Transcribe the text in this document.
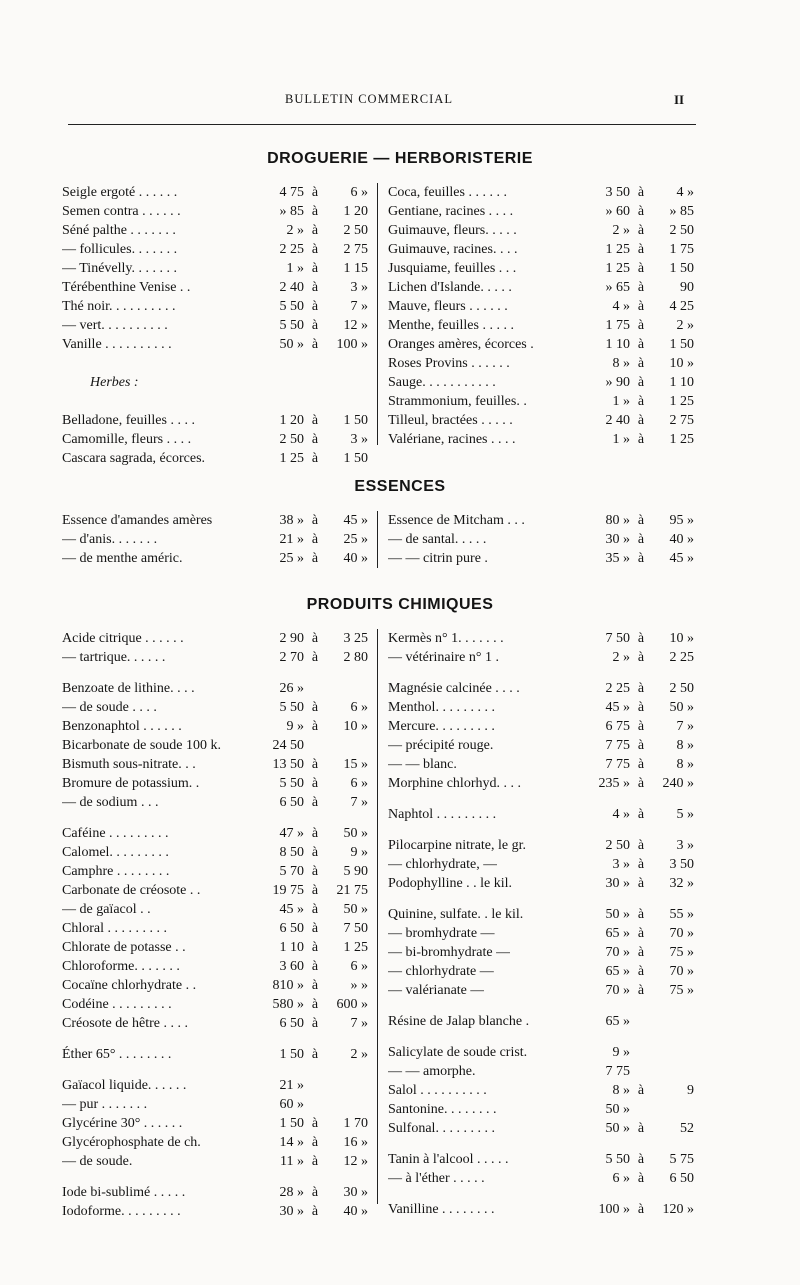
BULLETIN COMMERCIAL	II
DROGUERIE — HERBORISTERIE
Seigle ergoté . . . . . .	4 75 à 6 »
Semen contra . . . . . .	» 85 à 1 20
Séné palthe . . . . . . .	2 » à 2 50
— follicules. . . . . . .	2 25 à 2 75
— Tinévelly. . . . . . .	1 » à 1 15
Térébenthine Venise . .	2 40 à 3 »
Thé noir. . . . . . . . . .	5 50 à 7 »
— vert. . . . . . . . . .	5 50 à 12 »
Vanille . . . . . . . . . .	50 » à 100 »
Herbes :
Belladone, feuilles . . . .	1 20 à 1 50
Camomille, fleurs . . . .	2 50 à 3 »
Cascara sagrada, écorces.	1 25 à 1 50
Coca, feuilles . . . . . .	3 50 à 4 »
Gentiane, racines . . . .	» 60 à » 85
Guimauve, fleurs. . . . .	2 » à 2 50
Guimauve, racines. . . .	1 25 à 1 75
Jusquiame, feuilles . . .	1 25 à 1 50
Lichen d'Islande. . . . .	» 65 à	90
Mauve, fleurs . . . . . .	4 » à 4 25
Menthe, feuilles . . . . .	1 75 à 2 »
Oranges amères, écorces .	1 10 à 1 50
Roses Provins . . . . . .	8 » à 10 »
Sauge. . . . . . . . . . .	» 90 à 1 10
Strammonium, feuilles. .	1 » à 1 25
Tilleul, bractées . . . . .	2 40 à 2 75
Valériane, racines . . . .	1 » à 1 25
ESSENCES
Essence d'amandes amères	38 » à 45 »
— d'anis. . . . . . .	21 » à 25 »
— de menthe améric.	25 » à 40 »
Essence de Mitcham . . .	80 » à 95 »
— de santal. . . . .	30 » à 40 »
— — citrin pure .	35 » à 45 »
PRODUITS CHIMIQUES
Acide citrique . . . . . .	2 90 à 3 25
— tartrique. . . . . .	2 70 à 2 80
Benzoate de lithine. . . .	26 »
— de soude . . . .	5 50 à 6 »
Benzonaphtol . . . . . .	9 » à 10 »
Bicarbonate de soude 100 k.	24 50
Bismuth sous-nitrate. . .	13 50 à 15 »
Bromure de potassium. .	5 50 à 6 »
— de sodium . . .	6 50 à 7 »
Caféine . . . . . . . . .	47 » à 50 »
Calomel. . . . . . . . .	8 50 à 9 »
Camphre . . . . . . . .	5 70 à 5 90
Carbonate de créosote . .	19 75 à 21 75
— de gaïacol . .	45 » à 50 »
Chloral . . . . . . . . .	6 50 à 7 50
Chlorate de potasse . .	1 10 à 1 25
Chloroforme. . . . . . .	3 60 à 6 »
Cocaïne chlorhydrate . .	810 » à » »
Codéine . . . . . . . . .	580 » à 600 »
Créosote de hêtre . . . .	6 50 à 7 »
Éther 65° . . . . . . . .	1 50 à 2 »
Gaïacol liquide. . . . . .	21 »
— pur . . . . . . .	60 »
Glycérine 30° . . . . . .	1 50 à 1 70
Glycérophosphate de ch.	14 » à 16 »
— de soude.	11 » à 12 »
Iode bi-sublimé . . . . .	28 » à 30 »
Iodoforme. . . . . . . . .	30 » à 40 »
Kermès n° 1. . . . . . .	7 50 à 10 »
— vétérinaire n° 1 .	2 » à 2 25
Magnésie calcinée . . . .	2 25 à 2 50
Menthol. . . . . . . . .	45 » à 50 »
Mercure. . . . . . . . .	6 75 à 7 »
— précipité rouge.	7 75 à 8 »
— — blanc.	7 75 à 8 »
Morphine chlorhyd. . . .	235 » à 240 »
Naphtol . . . . . . . . .	4 » à 5 »
Pilocarpine nitrate, le gr.	2 50 à 3 »
— chlorhydrate, —	3 » à 3 50
Podophylline . . le kil.	30 » à 32 »
Quinine, sulfate. . le kil.	50 » à 55 »
— bromhydrate —	65 » à 70 »
— bi-bromhydrate —	70 » à 75 »
— chlorhydrate —	65 » à 70 »
— valérianate —	70 » à 75 »
Résine de Jalap blanche .	65 »
Salicylate de soude crist.	9 »
— — amorphe.	7 75
Salol . . . . . . . . . .	8 » à	9
Santonine. . . . . . . .	50 »
Sulfonal. . . . . . . . .	50 » à	52
Tanin à l'alcool . . . . .	5 50 à 5 75
— à l'éther . . . . .	6 » à 6 50
Vanilline . . . . . . . .	100 » à 120 »
